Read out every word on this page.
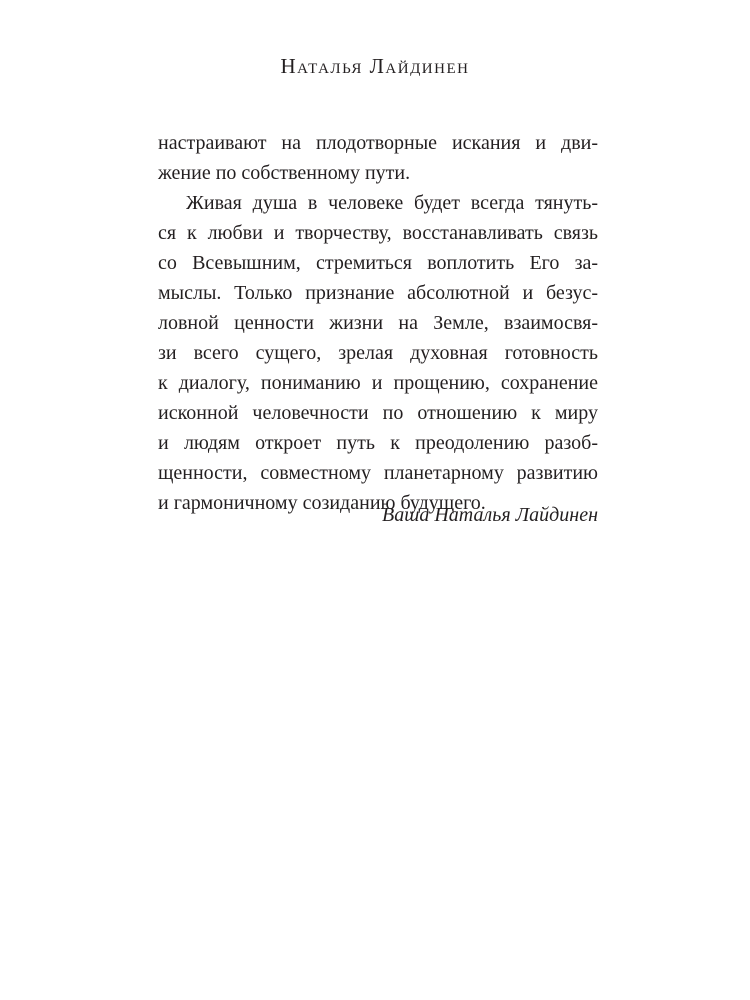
Наталья Лайдинен
настраивают на плодотворные искания и дви-
жение по собственному пути.
Живая душа в человеке будет всегда тянуть-
ся к любви и творчеству, восстанавливать связь
со Всевышним, стремиться воплотить Его за-
мыслы. Только признание абсолютной и безус-
ловной ценности жизни на Земле, взаимосвя-
зи всего сущего, зрелая духовная готовность
к диалогу, пониманию и прощению, сохранение
исконной человечности по отношению к миру
и людям откроет путь к преодолению разоб-
щенности, совместному планетарному развитию
и гармоничному созиданию будущего.
Ваша Наталья Лайдинен
